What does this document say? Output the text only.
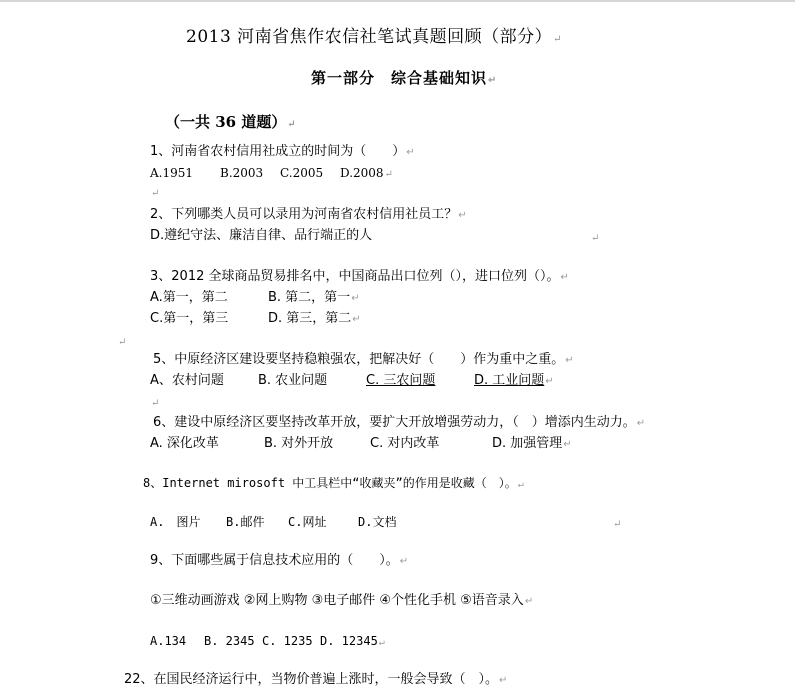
2013 河南省焦作农信社笔试真题回顾（部分）↵
第一部分　综合基础知识↵
（一共 36 道题）↵
1、河南省农村信用社成立的时间为（　　）↵
A.1951 B.2003 C.2005 D.2008↵
↵
2、下列哪类人员可以录用为河南省农村信用社员工？↵
D.遵纪守法、廉洁自律、品行端正的人	↵
3、2012 全球商品贸易排名中，中国商品出口位列（），进口位列（）。↵
A.第一，第二	B. 第二，第一↵
C.第一，第三	D. 第三，第二↵
↵
5、中原经济区建设要坚持稳粮强农，把解决好（　　）作为重中之重。↵
A、农村问题	B. 农业问题	C. 三农问题	D. 工业问题↵
↵
6、建设中原经济区要坚持改革开放，要扩大开放增强劳动力，（　）增添内生动力。↵
A. 深化改革	B. 对外开放	C. 对内改革	D. 加强管理↵
8、Internet mirosoft 中工具栏中“收藏夹”的作用是收藏（　）。↵
A.　图片 B.邮件 C.网址	D.文档	↵
9、下面哪些属于信息技术应用的（　　）。↵
①三维动画游戏 ②网上购物 ③电子邮件 ④个性化手机 ⑤语音录入↵
A.134 B. 2345 C. 1235 D. 12345↵
22、在国民经济运行中，当物价普遍上涨时，一般会导致（　）。↵
